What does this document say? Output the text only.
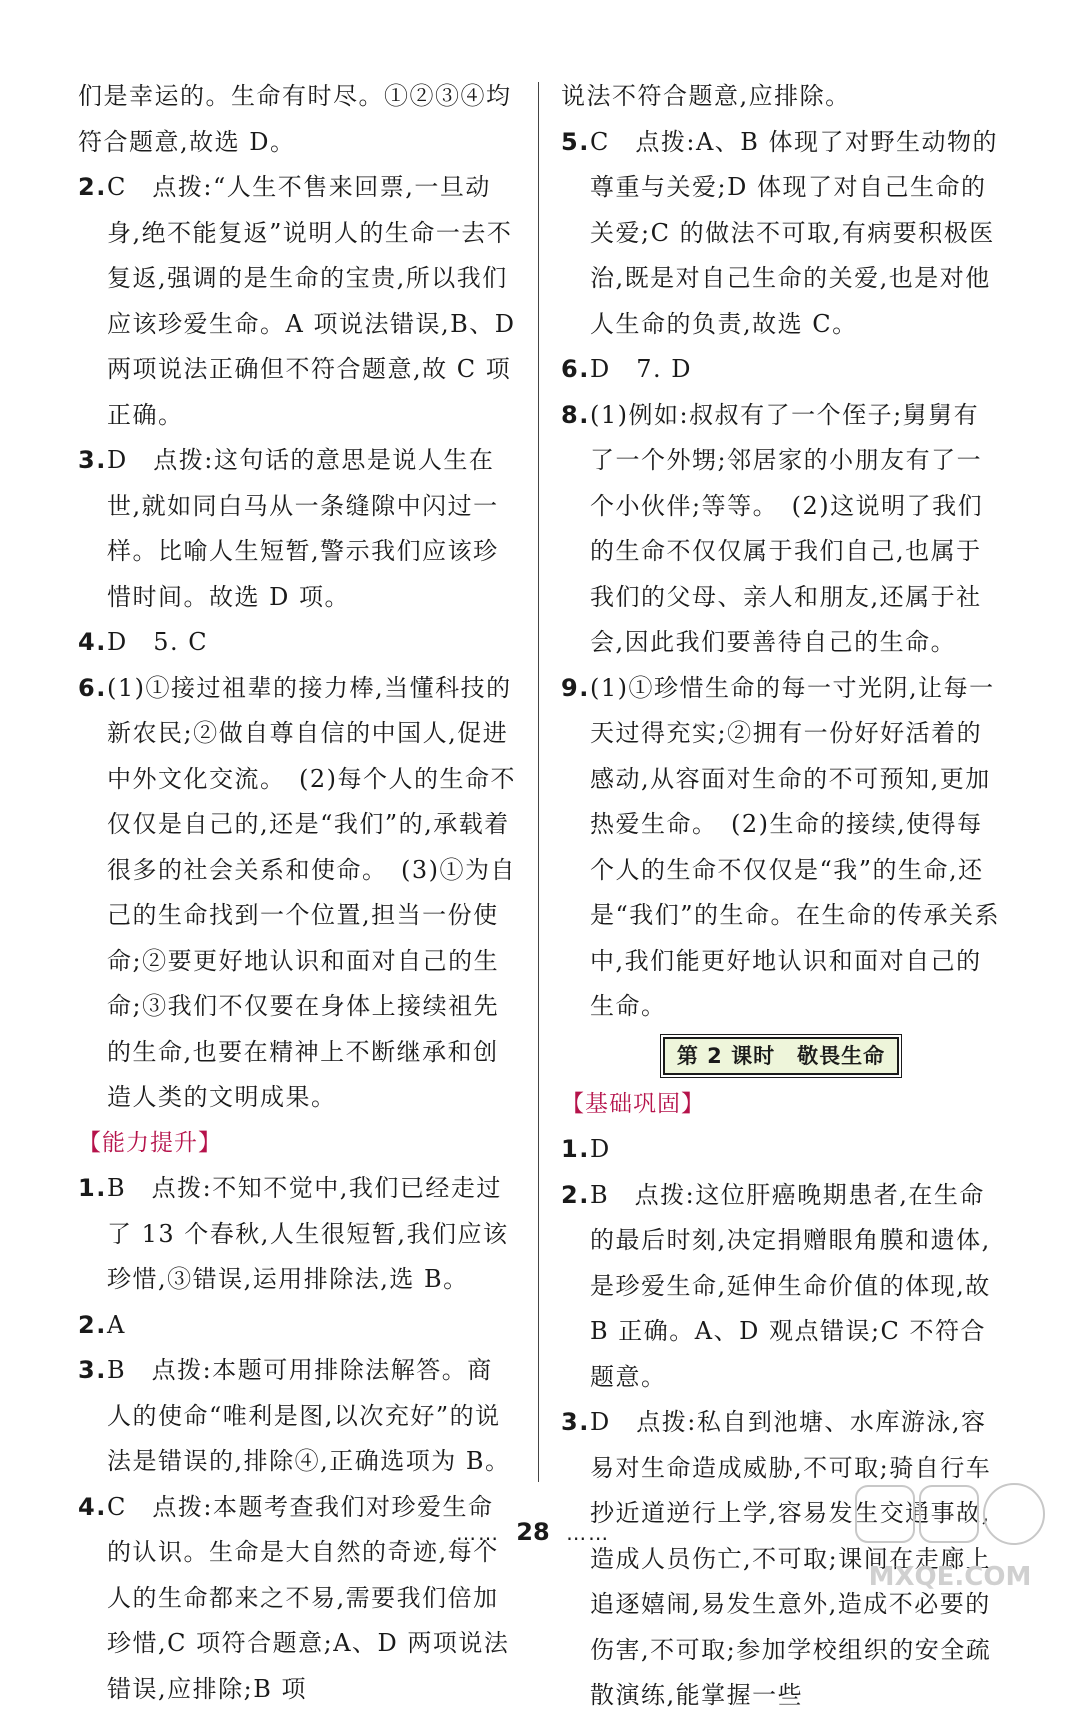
们是幸运的。生命有时尽。①②③④均符合题意,故选 D。
2. C　点拨:“人生不售来回票,一旦动身,绝不能复返”说明人的生命一去不复返,强调的是生命的宝贵,所以我们应该珍爱生命。A 项说法错误,B、D 两项说法正确但不符合题意,故 C 项正确。
3. D　点拨:这句话的意思是说人生在世,就如同白马从一条缝隙中闪过一样。比喻人生短暂,警示我们应该珍惜时间。故选 D 项。
4. D　5. C
6. (1)①接过祖辈的接力棒,当懂科技的新农民;②做自尊自信的中国人,促进中外文化交流。　(2)每个人的生命不仅仅是自己的,还是“我们”的,承载着很多的社会关系和使命。　(3)①为自己的生命找到一个位置,担当一份使命;②要更好地认识和面对自己的生命;③我们不仅要在身体上接续祖先的生命,也要在精神上不断继承和创造人类的文明成果。
【能力提升】
1. B　点拨:不知不觉中,我们已经走过了 13 个春秋,人生很短暂,我们应该珍惜,③错误,运用排除法,选 B。
2. A
3. B　点拨:本题可用排除法解答。商人的使命“唯利是图,以次充好”的说法是错误的,排除④,正确选项为 B。
4. C　点拨:本题考查我们对珍爱生命的认识。生命是大自然的奇迹,每个人的生命都来之不易,需要我们倍加珍惜,C 项符合题意;A、D 两项说法错误,应排除;B 项
说法不符合题意,应排除。
5. C　点拨:A、B 体现了对野生动物的尊重与关爱;D 体现了对自己生命的关爱;C 的做法不可取,有病要积极医治,既是对自己生命的关爱,也是对他人生命的负责,故选 C。
6. D　7. D
8. (1)例如:叔叔有了一个侄子;舅舅有了一个外甥;邻居家的小朋友有了一个小伙伴;等等。　(2)这说明了我们的生命不仅仅属于我们自己,也属于我们的父母、亲人和朋友,还属于社会,因此我们要善待自己的生命。
9. (1)①珍惜生命的每一寸光阴,让每一天过得充实;②拥有一份好好活着的感动,从容面对生命的不可预知,更加热爱生命。　(2)生命的接续,使得每个人的生命不仅仅是“我”的生命,还是“我们”的生命。在生命的传承关系中,我们能更好地认识和面对自己的生命。
第 2 课时　敬畏生命
【基础巩固】
1. D
2. B　点拨:这位肝癌晚期患者,在生命的最后时刻,决定捐赠眼角膜和遗体,是珍爱生命,延伸生命价值的体现,故 B 正确。A、D 观点错误;C 不符合题意。
3. D　点拨:私自到池塘、水库游泳,容易对生命造成威胁,不可取;骑自行车抄近道逆行上学,容易发生交通事故,造成人员伤亡,不可取;课间在走廊上追逐嬉闹,易发生意外,造成不必要的伤害,不可取;参加学校组织的安全疏散演练,能掌握一些
…… 28 ……
MXQE.COM
